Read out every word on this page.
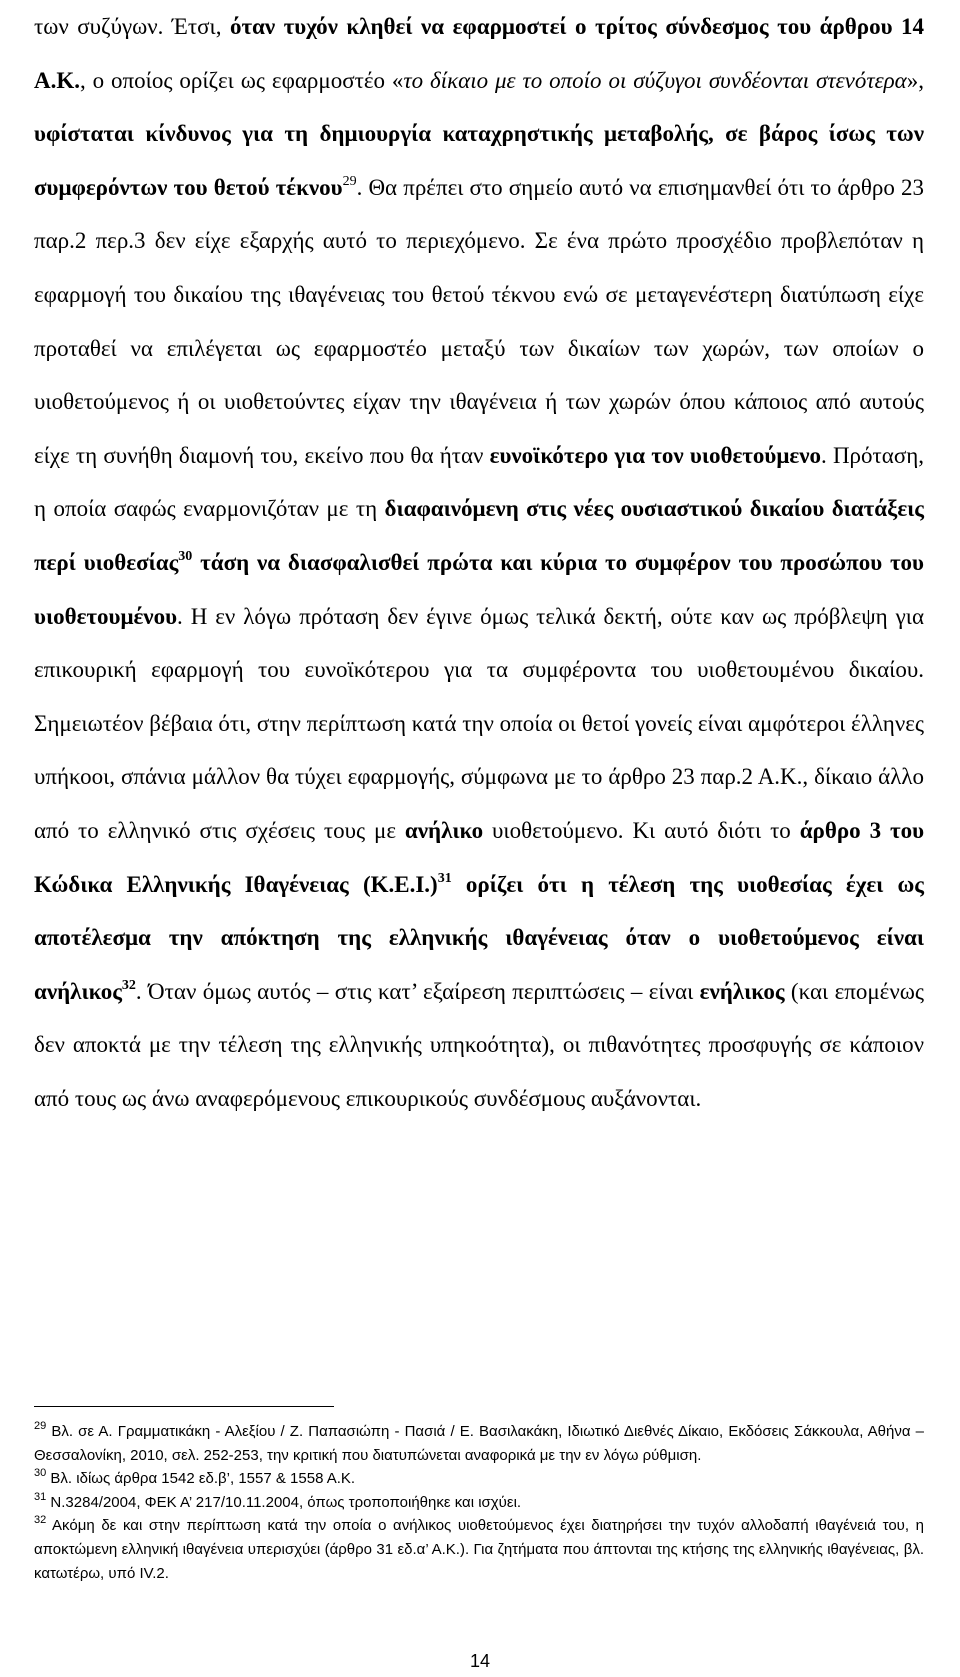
των συζύγων. Έτσι, όταν τυχόν κληθεί να εφαρμοστεί ο τρίτος σύνδεσμος του άρθρου 14 Α.Κ., ο οποίος ορίζει ως εφαρμοστέο «το δίκαιο με το οποίο οι σύζυγοι συνδέονται στενότερα», υφίσταται κίνδυνος για τη δημιουργία καταχρηστικής μεταβολής, σε βάρος ίσως των συμφερόντων του θετού τέκνου$^{29}$. Θα πρέπει στο σημείο αυτό να επισημανθεί ότι το άρθρο 23 παρ.2 περ.3 δεν είχε εξαρχής αυτό το περιεχόμενο. Σε ένα πρώτο προσχέδιο προβλεπόταν η εφαρμογή του δικαίου της ιθαγένειας του θετού τέκνου ενώ σε μεταγενέστερη διατύπωση είχε προταθεί να επιλέγεται ως εφαρμοστέο μεταξύ των δικαίων των χωρών, των οποίων ο υιοθετούμενος ή οι υιοθετούντες είχαν την ιθαγένεια ή των χωρών όπου κάποιος από αυτούς είχε τη συνήθη διαμονή του, εκείνο που θα ήταν ευνοϊκότερο για τον υιοθετούμενο. Πρόταση, η οποία σαφώς εναρμονιζόταν με τη διαφαινόμενη στις νέες ουσιαστικού δικαίου διατάξεις περί υιοθεσίας$^{30}$ τάση να διασφαλισθεί πρώτα και κύρια το συμφέρον του προσώπου του υιοθετουμένου. Η εν λόγω πρόταση δεν έγινε όμως τελικά δεκτή, ούτε καν ως πρόβλεψη για επικουρική εφαρμογή του ευνοϊκότερου για τα συμφέροντα του υιοθετουμένου δικαίου. Σημειωτέον βέβαια ότι, στην περίπτωση κατά την οποία οι θετοί γονείς είναι αμφότεροι έλληνες υπήκοοι, σπάνια μάλλον θα τύχει εφαρμογής, σύμφωνα με το άρθρο 23 παρ.2 Α.Κ., δίκαιο άλλο από το ελληνικό στις σχέσεις τους με ανήλικο υιοθετούμενο. Κι αυτό διότι το άρθρο 3 του Κώδικα Ελληνικής Ιθαγένειας $(K.E.I.)^{31}$ ορίζει ότι η τέλεση της υιοθεσίας έχει ως αποτέλεσμα την απόκτηση της ελληνικής ιθαγένειας όταν ο υιοθετούμενος είναι ανήλικος$^{32}$. Όταν όμως αυτός – στις κατ’ εξαίρεση περιπτώσεις – είναι ενήλικος (και επομένως δεν αποκτά με την τέλεση της ελληνικής υπηκοότητα), οι πιθανότητες προσφυγής σε κάποιον από τους ως άνω αναφερόμενους επικουρικούς συνδέσμους αυξάνονται.

$^{29}$ Βλ. σε Α. Γραμματικάκη - Αλεξίου / Ζ. Παπασιώπη - Πασιά / Ε. Βασιλακάκη, Ιδιωτικό Διεθνές Δίκαιο, Εκδόσεις Σάκκουλα, Αθήνα – Θεσσαλονίκη, 2010, σελ. 252-253, την κριτική που διατυπώνεται αναφορικά με την εν λόγω ρύθμιση.

$^{30}$ Βλ. ιδίως άρθρα 1542 εδ.β’, 1557 & 1558 Α.Κ.

$^{31}$ Ν.3284/2004, ΦΕΚ Α’ 217/10.11.2004, όπως τροποποιήθηκε και ισχύει.

$^{32}$ Ακόμη δε και στην περίπτωση κατά την οποία ο ανήλικος υιοθετούμενος έχει διατηρήσει την τυχόν αλλοδαπή ιθαγένειά του, η αποκτώμενη ελληνική ιθαγένεια υπερισχύει (άρθρο 31 εδ.α’ Α.Κ.). Για ζητήματα που άπτονται της κτήσης της ελληνικής ιθαγένειας, βλ. κατωτέρω, υπό IV.2.

14
